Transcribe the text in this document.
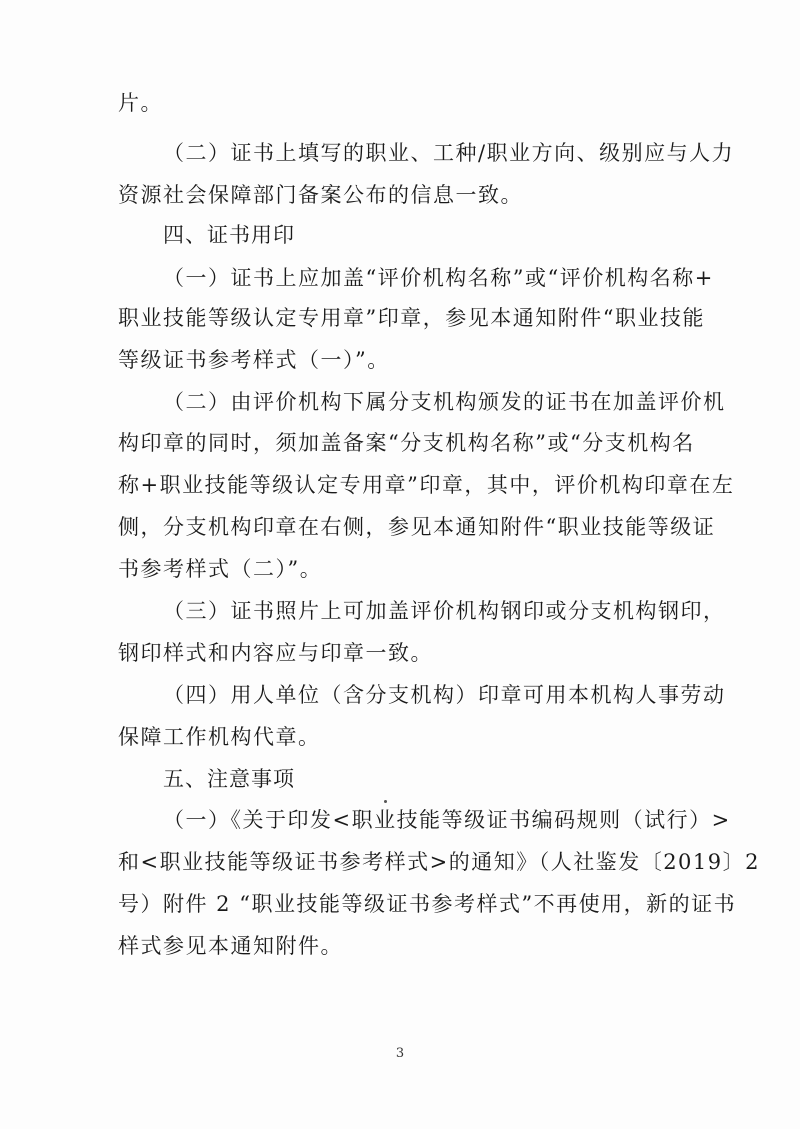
片。
（二）证书上填写的职业、工种/职业方向、级别应与人力
资源社会保障部门备案公布的信息一致。
四、证书用印
（一）证书上应加盖“评价机构名称”或“评价机构名称+
职业技能等级认定专用章”印章，参见本通知附件“职业技能
等级证书参考样式（一）”。
（二）由评价机构下属分支机构颁发的证书在加盖评价机
构印章的同时，须加盖备案“分支机构名称”或“分支机构名
称+职业技能等级认定专用章”印章，其中，评价机构印章在左
侧，分支机构印章在右侧，参见本通知附件“职业技能等级证
书参考样式（二）”。
（三）证书照片上可加盖评价机构钢印或分支机构钢印，
钢印样式和内容应与印章一致。
（四）用人单位（含分支机构）印章可用本机构人事劳动
保障工作机构代章。
五、注意事项
（一）《关于印发<职业技能等级证书编码规则（试行）>
和<职业技能等级证书参考样式>的通知》（人社鉴发〔2019〕2
号）附件 2 “职业技能等级证书参考样式”不再使用，新的证书
样式参见本通知附件。
3
